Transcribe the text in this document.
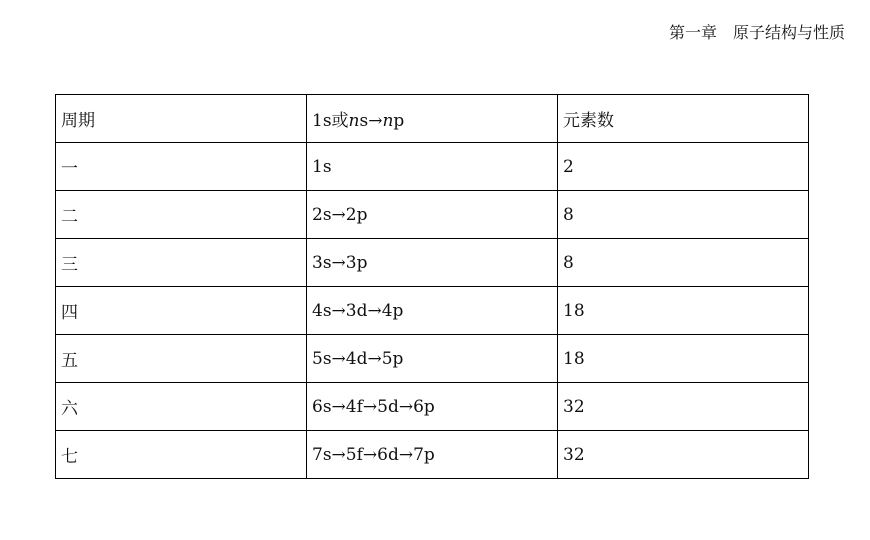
第一章　原子结构与性质
周期	1s或ns→np	元素数
一	1s	2
二	2s→2p	8
三	3s→3p	8
四	4s→3d→4p	18
五	5s→4d→5p	18
六	6s→4f→5d→6p	32
七	7s→5f→6d→7p	32
